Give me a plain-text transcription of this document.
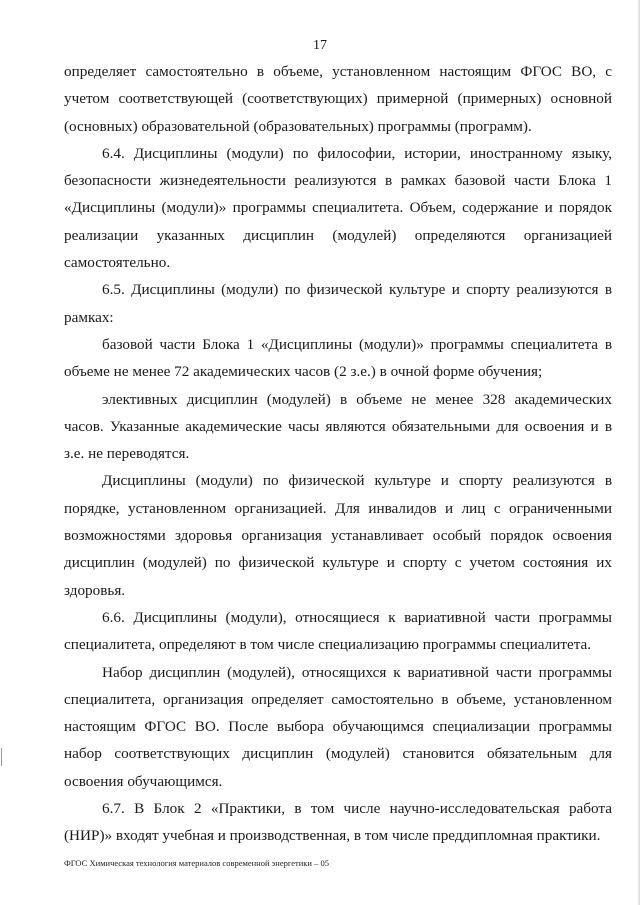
17

определяет самостоятельно в объеме, установленном настоящим ФГОС ВО, с учетом соответствующей (соответствующих) примерной (примерных) основной (основных) образовательной (образовательных) программы (программ).

6.4. Дисциплины (модули) по философии, истории, иностранному языку, безопасности жизнедеятельности реализуются в рамках базовой части Блока 1 «Дисциплины (модули)» программы специалитета. Объем, содержание и порядок реализации указанных дисциплин (модулей) определяются организацией самостоятельно.

6.5. Дисциплины (модули) по физической культуре и спорту реализуются в рамках:

базовой части Блока 1 «Дисциплины (модули)» программы специалитета в объеме не менее 72 академических часов (2 з.е.) в очной форме обучения;

элективных дисциплин (модулей) в объеме не менее 328 академических часов. Указанные академические часы являются обязательными для освоения и в з.е. не переводятся.

Дисциплины (модули) по физической культуре и спорту реализуются в порядке, установленном организацией. Для инвалидов и лиц с ограниченными возможностями здоровья организация устанавливает особый порядок освоения дисциплин (модулей) по физической культуре и спорту с учетом состояния их здоровья.

6.6. Дисциплины (модули), относящиеся к вариативной части программы специалитета, определяют в том числе специализацию программы специалитета.

Набор дисциплин (модулей), относящихся к вариативной части программы специалитета, организация определяет самостоятельно в объеме, установленном настоящим ФГОС ВО. После выбора обучающимся специализации программы набор соответствующих дисциплин (модулей) становится обязательным для освоения обучающимся.

6.7. В Блок 2 «Практики, в том числе научно-исследовательская работа (НИР)» входят учебная и производственная, в том числе преддипломная практики.

ФГОС Химическая технология материалов современной энергетики – 05
